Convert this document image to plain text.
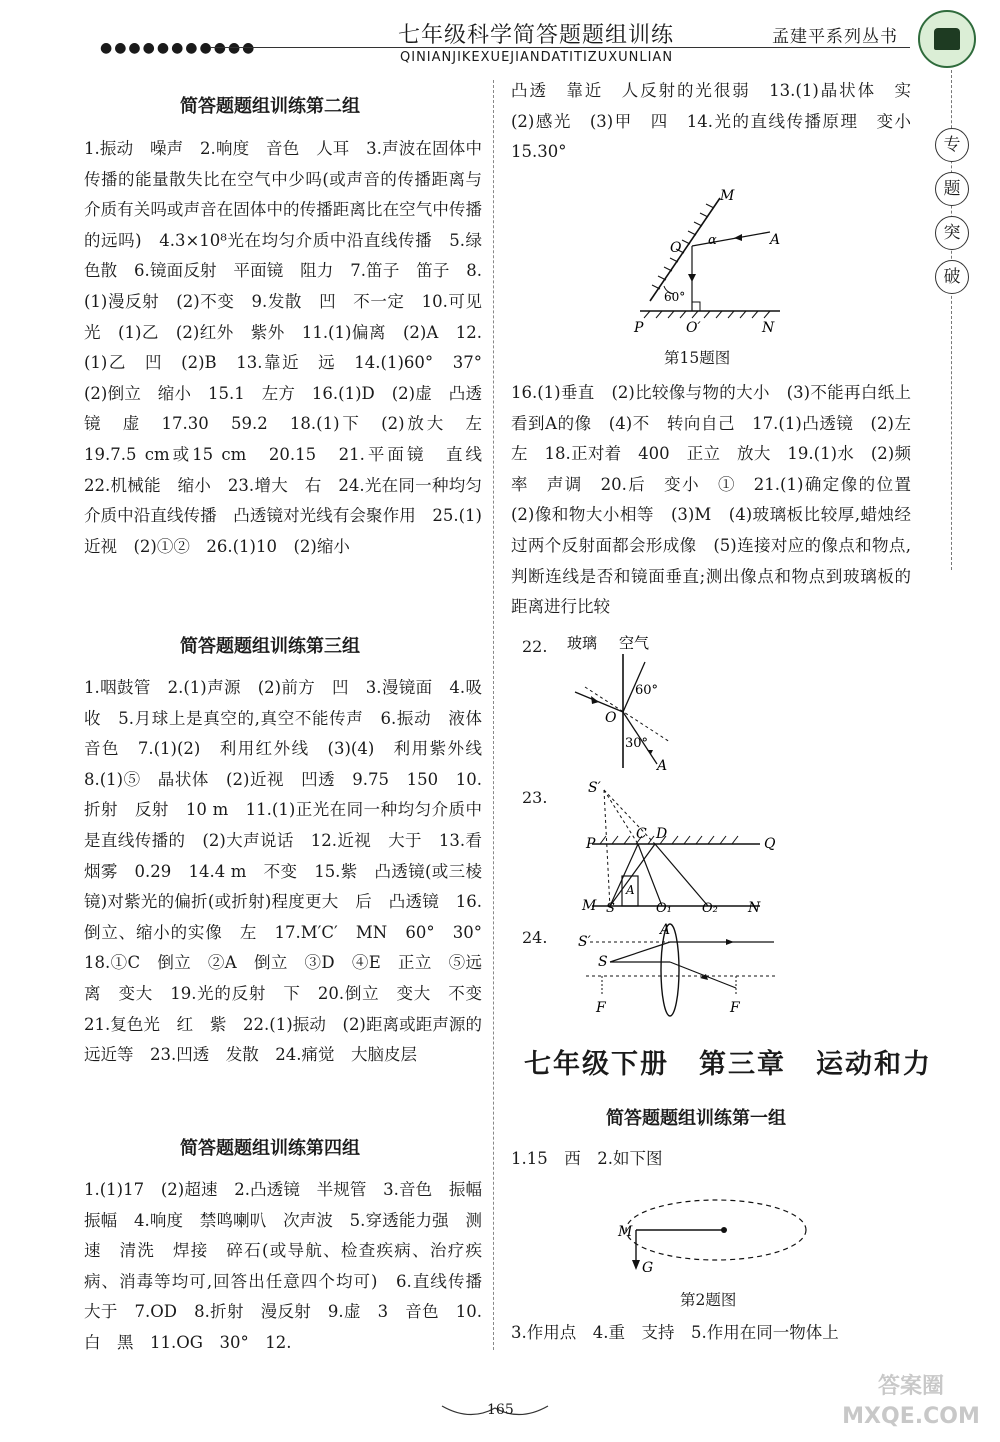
●●●●●●●●●●●	七年级科学简答题题组训练
QINIANJIKEXUEJIANDATITIZUXUNLIAN
孟建平系列丛书
专
题
突
破
简答题题组训练第二组

1.振动　噪声　2.响度　音色　人耳　3.声波在固体中传播的能量散失比在空气中少吗(或声音的传播距离与介质有关吗或声音在固体中的传播距离比在空气中传播的远吗)　4.3×10⁸光在均匀介质中沿直线传播　5.绿　色散　6.镜面反射　平面镜　阻力　7.笛子　笛子　8.(1)漫反射　(2)不变　9.发散　凹　不一定　10.可见光　(1)乙　(2)红外　紫外　11.(1)偏离　(2)A　12.(1)乙　凹　(2)B　13.靠近　远　14.(1)60°　37°　(2)倒立　缩小　15.1　左方　16.(1)D　(2)虚　凸透镜　虚　17.30　59.2　18.(1)下　(2)放大　左　19.7.5 cm或15 cm　20.15　21.平面镜　直线　22.机械能　缩小　23.增大　右　24.光在同一种均匀介质中沿直线传播　凸透镜对光线有会聚作用　25.(1)近视　(2)①②　26.(1)10　(2)缩小

简答题题组训练第三组

1.咽鼓管　2.(1)声源　(2)前方　凹　3.漫镜面　4.吸收　5.月球上是真空的,真空不能传声　6.振动　液体　音色　7.(1)(2)　利用红外线　(3)(4)　利用紫外线　8.(1)⑤　晶状体　(2)近视　凹透　9.75　150　10.折射　反射　10 m　11.(1)正光在同一种均匀介质中是直线传播的　(2)大声说话　12.近视　大于　13.看烟雾　0.29　14.4 m　不变　15.紫　凸透镜(或三棱镜)对紫光的偏折(或折射)程度更大　后　凸透镜　16.倒立、缩小的实像　左　17.M′C′　MN　60°　30°　18.①C　倒立　②A　倒立　③D　④E　正立　⑤远离　变大　19.光的反射　下　20.倒立　变大　不变　21.复色光　红　紫　22.(1)振动　(2)距离或距声源的远近等　23.凹透　发散　24.痛觉　大脑皮层

简答题题组训练第四组

1.(1)17　(2)超速　2.凸透镜　半规管　3.音色　振幅　振幅　4.响度　禁鸣喇叭　次声波　5.穿透能力强　测速　清洗　焊接　碎石(或导航、检查疾病、治疗疾病、消毒等均可,回答出任意四个均可)　6.直线传播　大于　7.OD　8.折射　漫反射　9.虚　3　音色　10.白　黑　11.OG　30°　12.

凸透　靠近　人反射的光很弱　13.(1)晶状体　实　(2)感光　(3)甲　四　14.光的直线传播原理　变小　15.30°

M
O α	A
60°
P	O′	N
第15题图

16.(1)垂直　(2)比较像与物的大小　(3)不能再白纸上看到A的像　(4)不　转向自己　17.(1)凸透镜　(2)左　左　18.正对着　400　正立　放大　19.(1)水　(2)频率　声调　20.后　变小　①　21.(1)确定像的位置　(2)像和物大小相等　(3)M　(4)玻璃板比较厚,蜡烛经过两个反射面都会形成像　(5)连接对应的像点和物点,判断连线是否和镜面垂直;测出像点和物点到玻璃板的距离进行比较

22. 玻璃 空气
60°
O
30°
A
23.	S′
P
C D
Q
A
M S	O₁ O₂ N
24. S′
A
S
F	F
七年级下册 第三章 运动和力
简答题题组训练第一组

1.15　西　2.如下图

M
G
第2题图

3.作用点　4.重　支持　5.作用在同一物体上

165
答案圈
MXQE.COM
